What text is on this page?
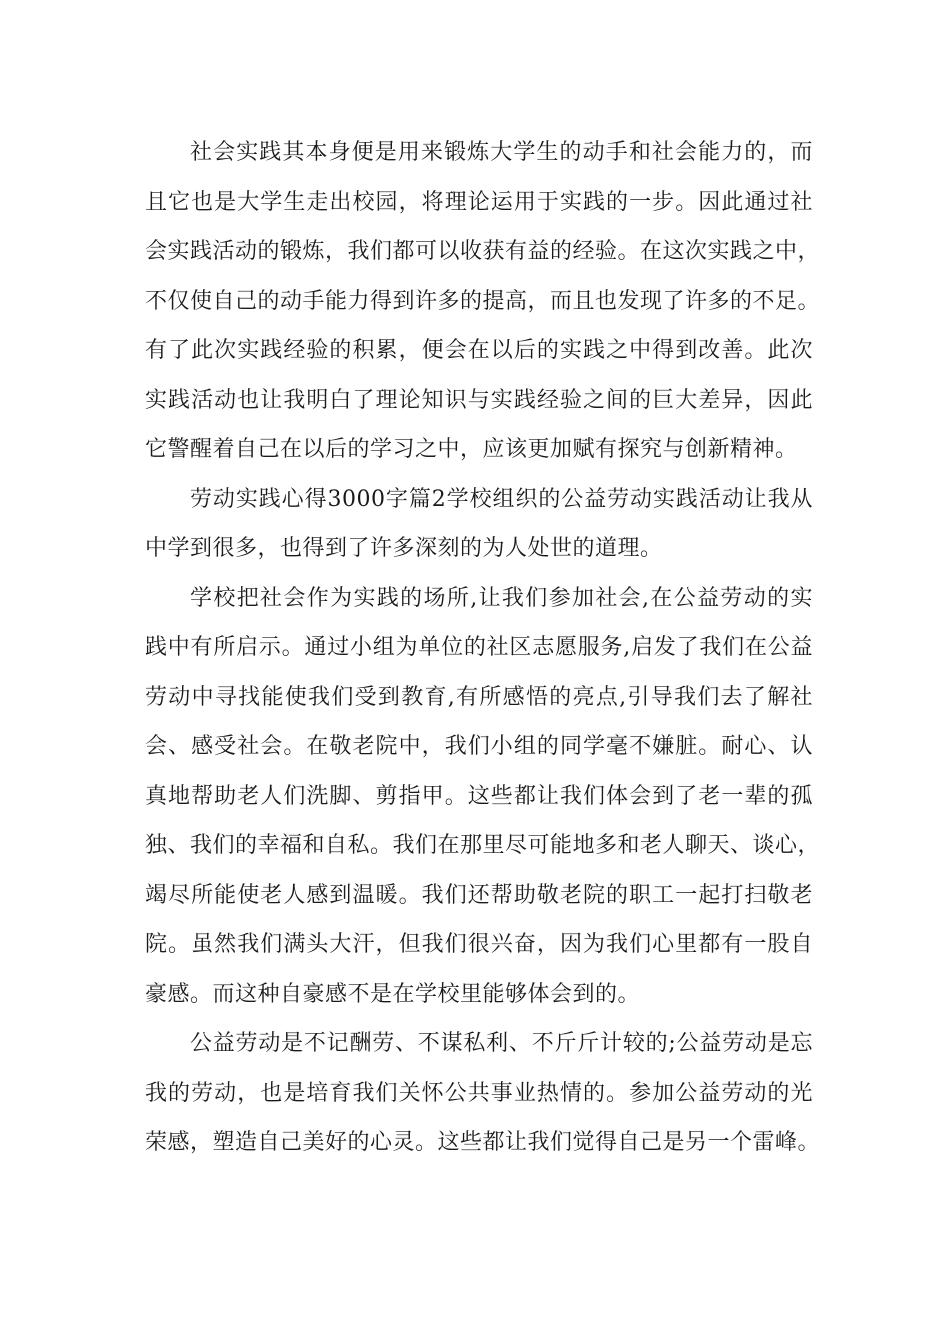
社会实践其本身便是用来锻炼大学生的动手和社会能力的，而
且它也是大学生走出校园，将理论运用于实践的一步。因此通过社
会实践活动的锻炼，我们都可以收获有益的经验。在这次实践之中，
不仅使自己的动手能力得到许多的提高，而且也发现了许多的不足。
有了此次实践经验的积累，便会在以后的实践之中得到改善。此次
实践活动也让我明白了理论知识与实践经验之间的巨大差异，因此
它警醒着自己在以后的学习之中，应该更加赋有探究与创新精神。
劳动实践心得3000字篇2学校组织的公益劳动实践活动让我从
中学到很多，也得到了许多深刻的为人处世的道理。
学校把社会作为实践的场所,让我们参加社会,在公益劳动的实
践中有所启示。通过小组为单位的社区志愿服务,启发了我们在公益
劳动中寻找能使我们受到教育,有所感悟的亮点,引导我们去了解社
会、感受社会。在敬老院中，我们小组的同学毫不嫌脏。耐心、认
真地帮助老人们洗脚、剪指甲。这些都让我们体会到了老一辈的孤
独、我们的幸福和自私。我们在那里尽可能地多和老人聊天、谈心，
竭尽所能使老人感到温暖。我们还帮助敬老院的职工一起打扫敬老
院。虽然我们满头大汗，但我们很兴奋，因为我们心里都有一股自
豪感。而这种自豪感不是在学校里能够体会到的。
公益劳动是不记酬劳、不谋私利、不斤斤计较的;公益劳动是忘
我的劳动，也是培育我们关怀公共事业热情的。参加公益劳动的光
荣感，塑造自己美好的心灵。这些都让我们觉得自己是另一个雷峰。
